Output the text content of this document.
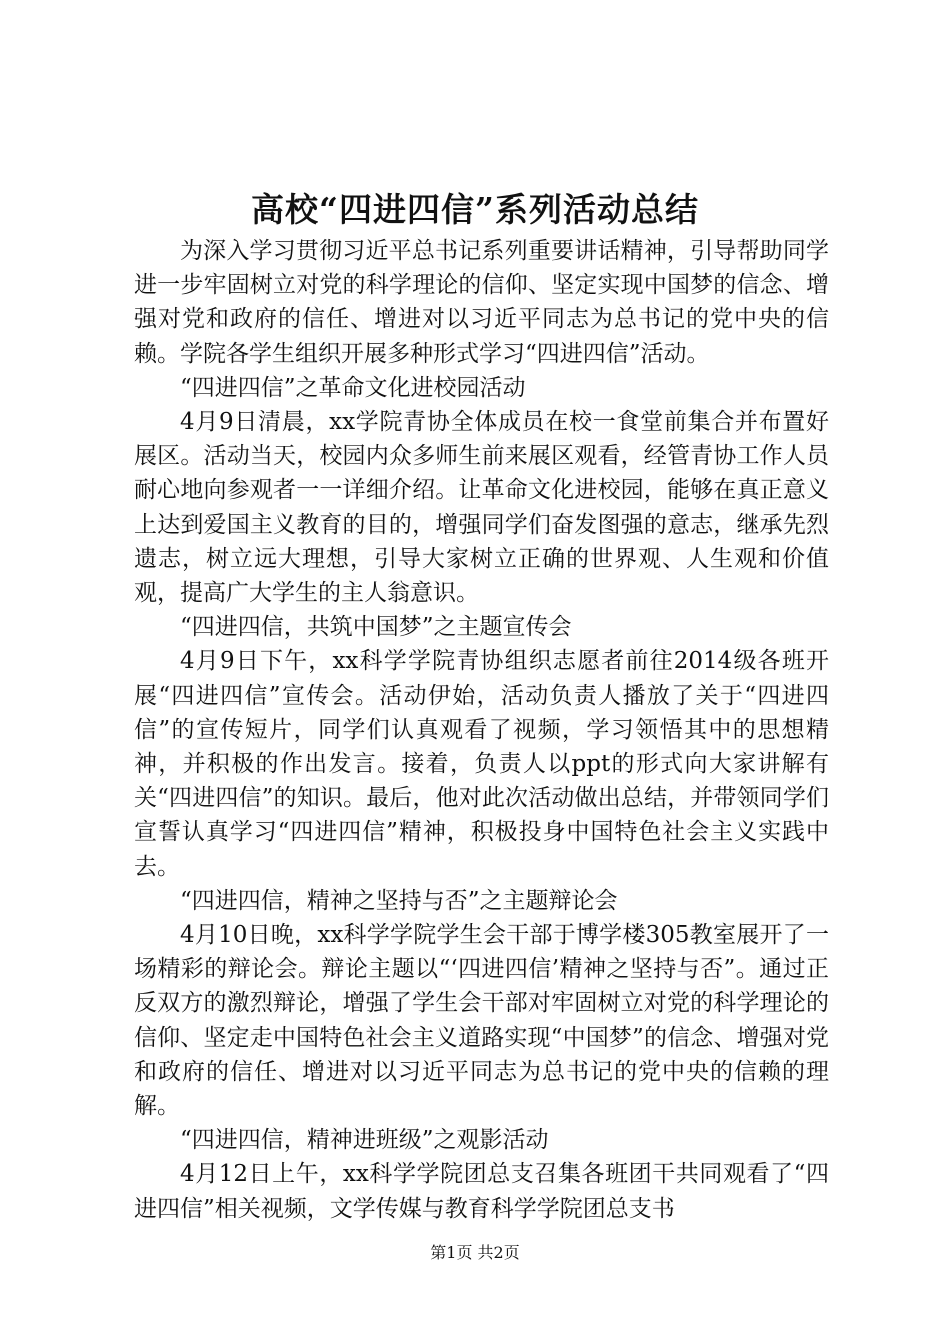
高校“四进四信”系列活动总结

为深入学习贯彻习近平总书记系列重要讲话精神，引导帮助同学进一步牢固树立对党的科学理论的信仰、坚定实现中国梦的信念、增强对党和政府的信任、增进对以习近平同志为总书记的党中央的信赖。学院各学生组织开展多种形式学习“四进四信”活动。

“四进四信”之革命文化进校园活动

4月9日清晨，xx学院青协全体成员在校一食堂前集合并布置好展区。活动当天，校园内众多师生前来展区观看，经管青协工作人员耐心地向参观者一一详细介绍。让革命文化进校园，能够在真正意义上达到爱国主义教育的目的，增强同学们奋发图强的意志，继承先烈遗志，树立远大理想，引导大家树立正确的世界观、人生观和价值观，提高广大学生的主人翁意识。

“四进四信，共筑中国梦”之主题宣传会

4月9日下午，xx科学学院青协组织志愿者前往2014级各班开展“四进四信”宣传会。活动伊始，活动负责人播放了关于“四进四信”的宣传短片，同学们认真观看了视频，学习领悟其中的思想精神，并积极的作出发言。接着，负责人以ppt的形式向大家讲解有关“四进四信”的知识。最后，他对此次活动做出总结，并带领同学们宣誓认真学习“四进四信”精神，积极投身中国特色社会主义实践中去。

“四进四信，精神之坚持与否”之主题辩论会

4月10日晚，xx科学学院学生会干部于博学楼305教室展开了一场精彩的辩论会。辩论主题以“‘四进四信’精神之坚持与否”。通过正反双方的激烈辩论，增强了学生会干部对牢固树立对党的科学理论的信仰、坚定走中国特色社会主义道路实现“中国梦”的信念、增强对党和政府的信任、增进对以习近平同志为总书记的党中央的信赖的理解。

“四进四信，精神进班级”之观影活动

4月12日上午，xx科学学院团总支召集各班团干共同观看了“四进四信”相关视频，文学传媒与教育科学学院团总支书

第1页 共2页
